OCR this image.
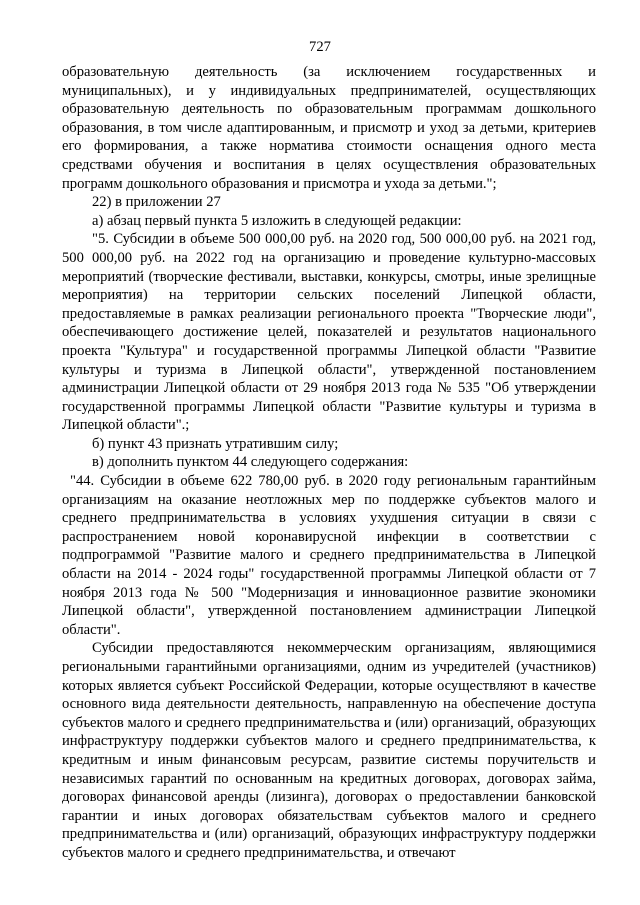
727

образовательную деятельность (за исключением государственных и муниципальных), и у индивидуальных предпринимателей, осуществляющих образовательную деятельность по образовательным программам дошкольного образования, в том числе адаптированным, и присмотр и уход за детьми, критериев его формирования, а также норматива стоимости оснащения одного места средствами обучения и воспитания в целях осуществления образовательных программ дошкольного образования и присмотра и ухода за детьми.";

22) в приложении 27

а) абзац первый пункта 5 изложить в следующей редакции:

"5. Субсидии в объеме 500 000,00 руб. на 2020 год, 500 000,00 руб. на 2021 год, 500 000,00 руб. на 2022 год на организацию и проведение культурно-массовых мероприятий (творческие фестивали, выставки, конкурсы, смотры, иные зрелищные мероприятия) на территории сельских поселений Липецкой области, предоставляемые в рамках реализации регионального проекта "Творческие люди", обеспечивающего достижение целей, показателей и результатов национального проекта "Культура" и государственной программы Липецкой области "Развитие культуры и туризма в Липецкой области", утвержденной постановлением администрации Липецкой области от 29 ноября 2013 года № 535 "Об утверждении государственной программы Липецкой области "Развитие культуры и туризма в Липецкой области".;

б) пункт 43 признать утратившим силу;

в) дополнить пунктом 44 следующего содержания:

"44. Субсидии в объеме 622 780,00 руб. в 2020 году региональным гарантийным организациям на оказание неотложных мер по поддержке субъектов малого и среднего предпринимательства в условиях ухудшения ситуации в связи с распространением новой коронавирусной инфекции в соответствии с подпрограммой "Развитие малого и среднего предпринимательства в Липецкой области на 2014 - 2024 годы" государственной программы Липецкой области от 7 ноября 2013 года № 500 "Модернизация и инновационное развитие экономики Липецкой области", утвержденной постановлением администрации Липецкой области".

Субсидии предоставляются некоммерческим организациям, являющимися региональными гарантийными организациями, одним из учредителей (участников) которых является субъект Российской Федерации, которые осуществляют в качестве основного вида деятельности деятельность, направленную на обеспечение доступа субъектов малого и среднего предпринимательства и (или) организаций, образующих инфраструктуру поддержки субъектов малого и среднего предпринимательства, к кредитным и иным финансовым ресурсам, развитие системы поручительств и независимых гарантий по основанным на кредитных договорах, договорах займа, договорах финансовой аренды (лизинга), договорах о предоставлении банковской гарантии и иных договорах обязательствам субъектов малого и среднего предпринимательства и (или) организаций, образующих инфраструктуру поддержки субъектов малого и среднего предпринимательства, и отвечают
